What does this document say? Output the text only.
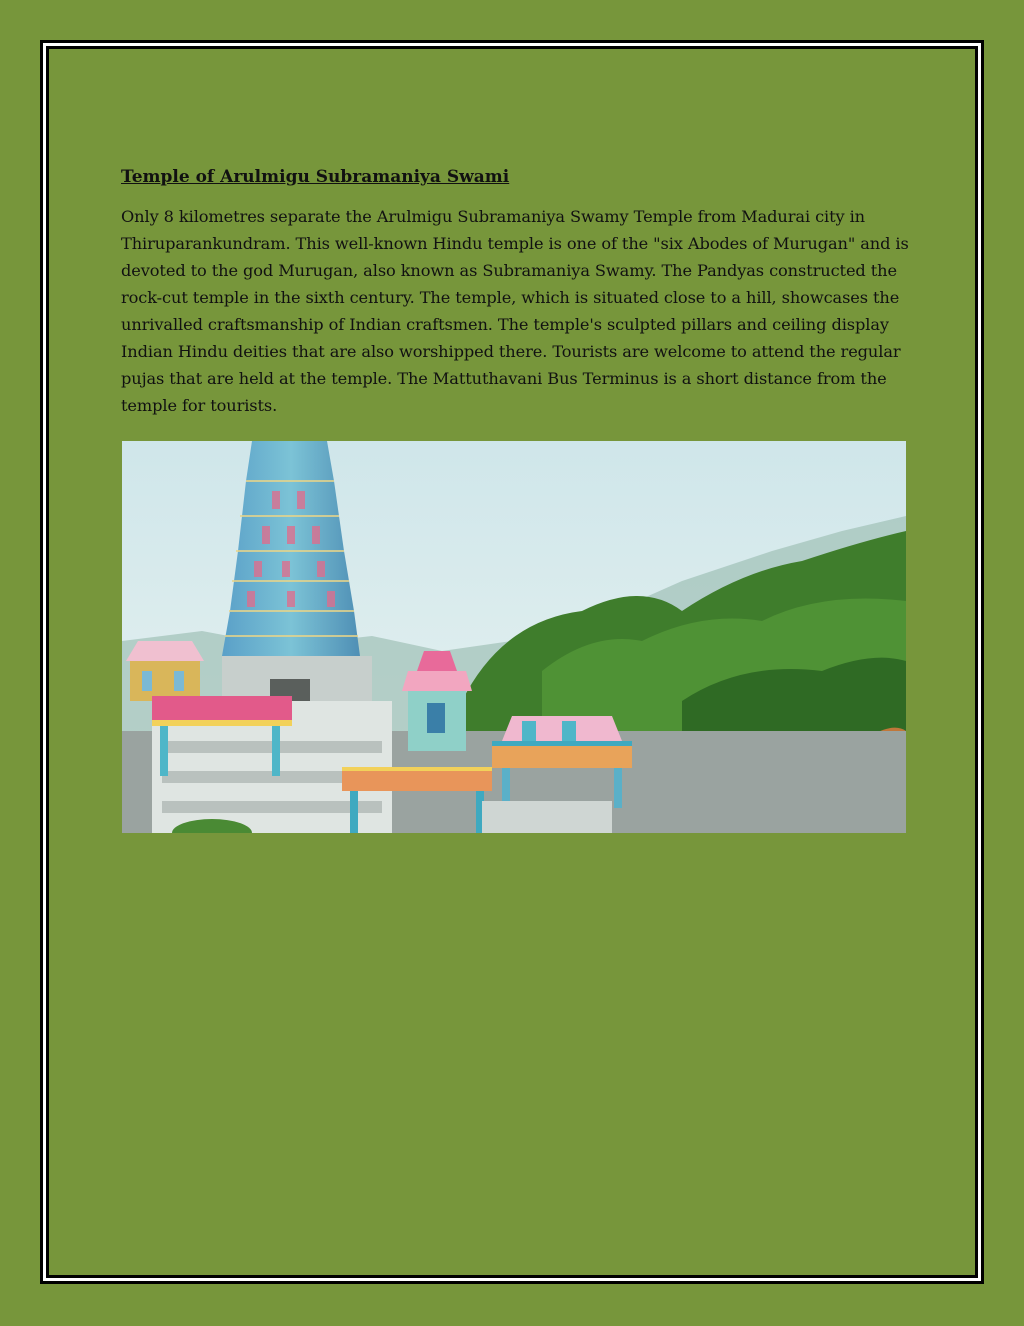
Temple of Arulmigu Subramaniya Swami

Only 8 kilometres separate the Arulmigu Subramaniya Swamy Temple from Madurai city in Thiruparankundram. This well-known Hindu temple is one of the "six Abodes of Murugan" and is devoted to the god Murugan, also known as Subramaniya Swamy. The Pandyas constructed the rock-cut temple in the sixth century. The temple, which is situated close to a hill, showcases the unrivalled craftsmanship of Indian craftsmen. The temple's sculpted pillars and ceiling display Indian Hindu deities that are also worshipped there. Tourists are welcome to attend the regular pujas that are held at the temple. The Mattuthavani Bus Terminus is a short distance from the temple for tourists.
